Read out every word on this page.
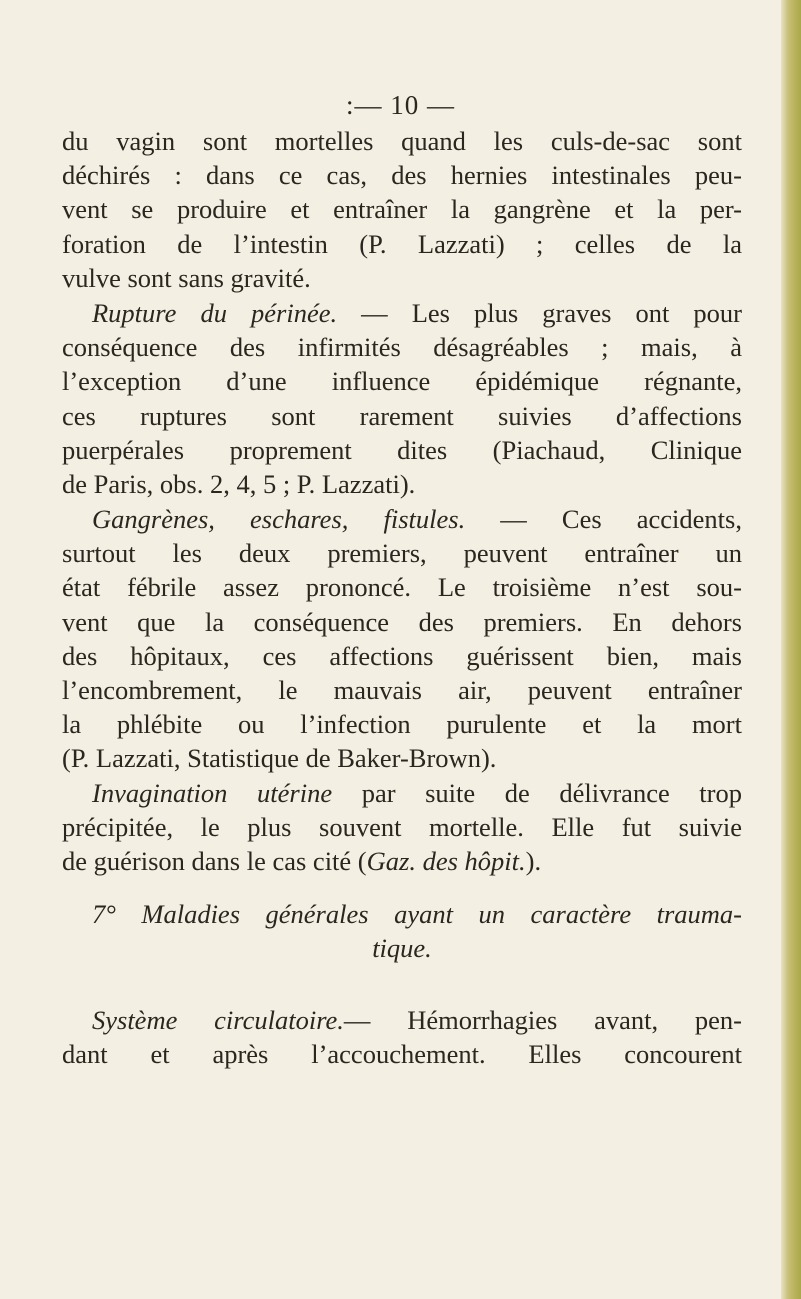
:— 10 —
du vagin sont mortelles quand les culs-de-sac sont
déchirés : dans ce cas, des hernies intestinales peu-
vent se produire et entraîner la gangrène et la per-
foration de l’intestin (P. Lazzati) ; celles de la
vulve sont sans gravité.
Rupture du périnée. — Les plus graves ont pour
conséquence des infirmités désagréables ; mais, à
l’exception d’une influence épidémique régnante,
ces ruptures sont rarement suivies d’affections
puerpérales proprement dites (Piachaud, Clinique
de Paris, obs. 2, 4, 5 ; P. Lazzati).
Gangrènes, eschares, fistules. — Ces accidents,
surtout les deux premiers, peuvent entraîner un
état fébrile assez prononcé. Le troisième n’est sou-
vent que la conséquence des premiers. En dehors
des hôpitaux, ces affections guérissent bien, mais
l’encombrement, le mauvais air, peuvent entraîner
la phlébite ou l’infection purulente et la mort
(P. Lazzati, Statistique de Baker-Brown).
Invagination utérine par suite de délivrance trop
précipitée, le plus souvent mortelle. Elle fut suivie
de guérison dans le cas cité (Gaz. des hôpit.).
7° Maladies générales ayant un caractère trauma-
tique.
Système circulatoire.— Hémorrhagies avant, pen-
dant et après l’accouchement. Elles concourent
